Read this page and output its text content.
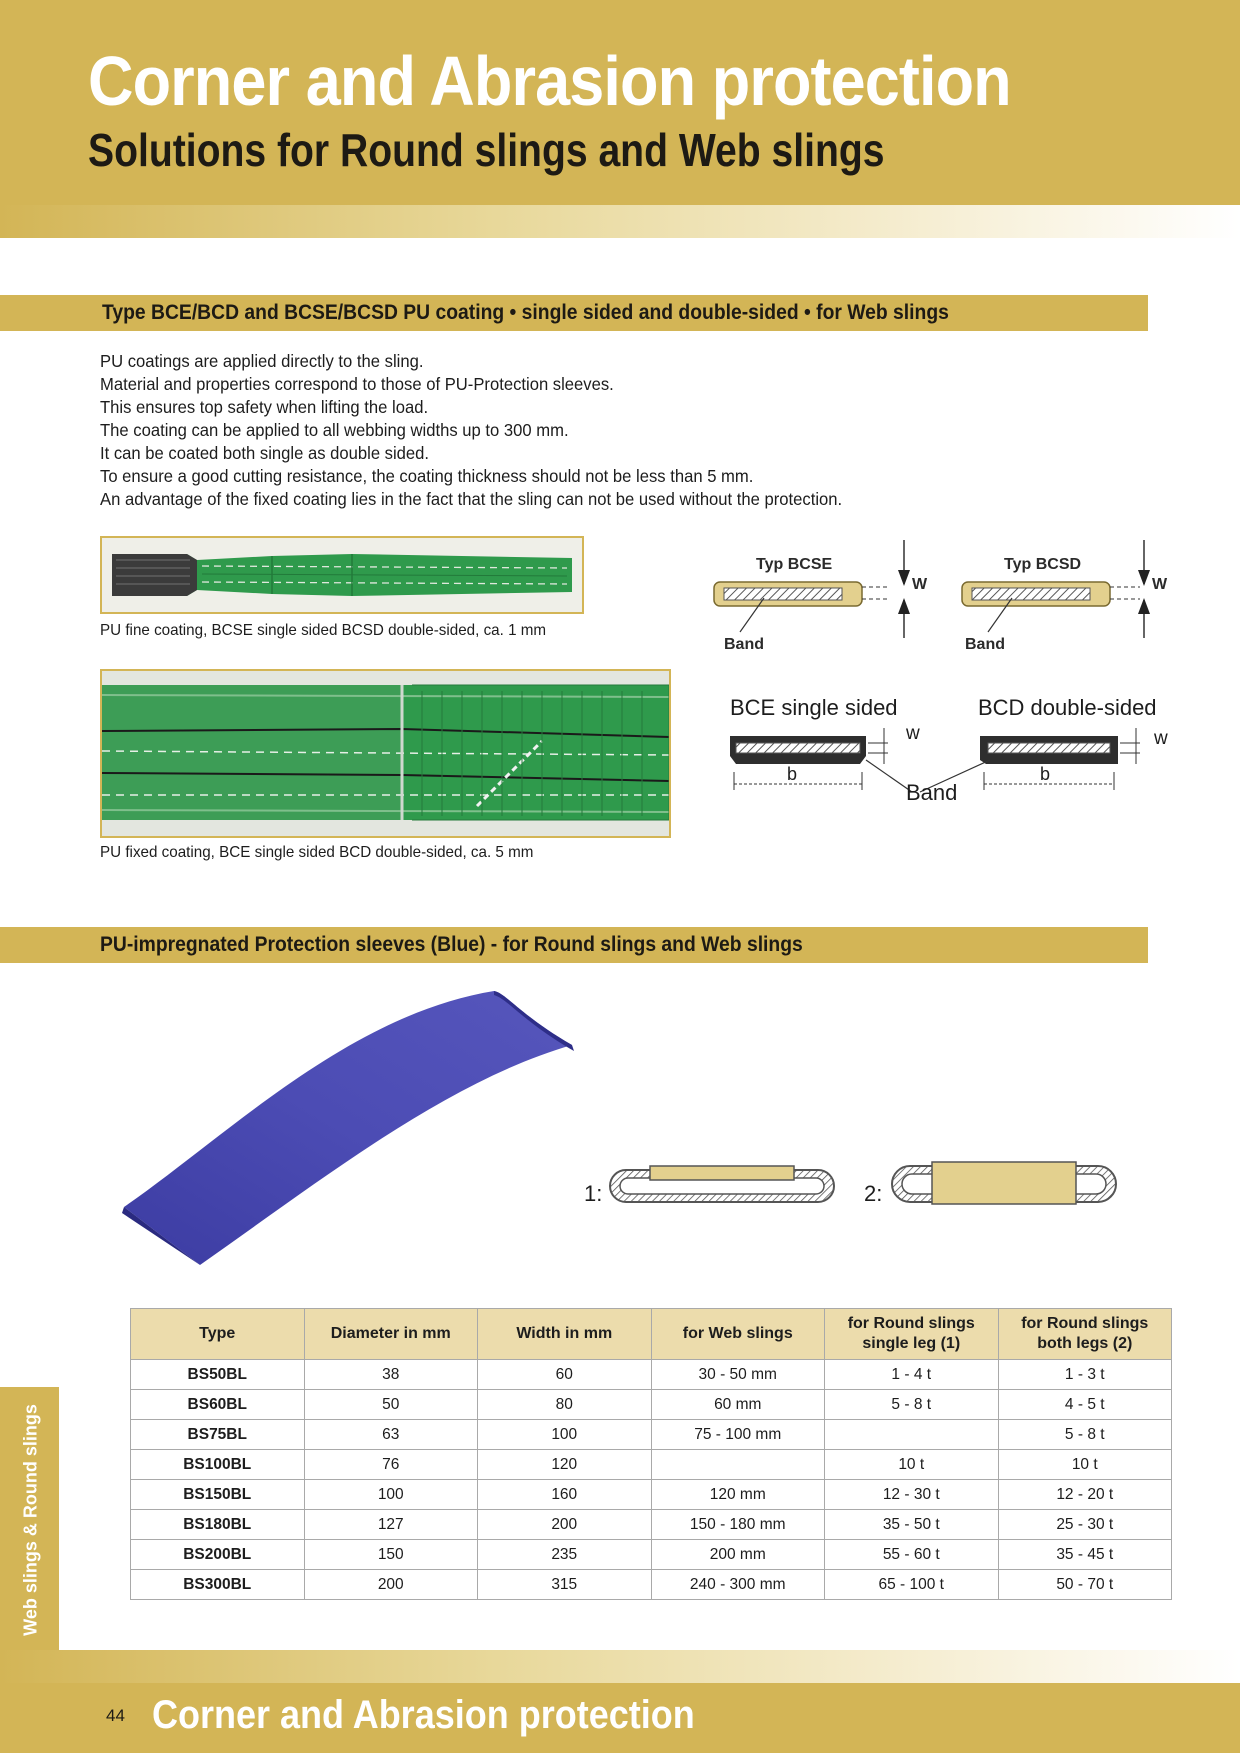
Corner and Abrasion protection
Solutions for Round slings and Web slings
Type BCE/BCD and BCSE/BCSD PU coating • single sided and double-sided • for Web slings

PU coatings are applied directly to the sling.

Material and properties correspond to those of PU-Protection sleeves.

This ensures top safety when lifting the load.

The coating can be applied to all webbing widths up to 300 mm.

It can be coated both single as double sided.

To ensure a good cutting resistance, the coating thickness should not be less than 5 mm.

An advantage of the fixed coating lies in the fact that the sling can not be used without the protection.

PU fine coating, BCSE single sided BCSD double-sided, ca. 1 mm

PU fixed coating, BCE single sided BCD double-sided, ca. 5 mm

Typ BCSE	Typ BCSD
W	W
Band	Band
BCE single sided	BCD double-sided
w	w
b	b
Band
PU-impregnated Protection sleeves (Blue) - for Round slings and Web slings
1:	2:
Type	Diameter in mm	Width in mm	for Web slings	for Round slings single leg (1)	for Round slings both legs (2)
BS50BL	38	60	30 - 50 mm	1 - 4 t	1 - 3 t
BS60BL	50	80	60 mm	5 - 8 t	4 - 5 t
BS75BL	63	100	75 - 100 mm		5 - 8 t
BS100BL	76	120		10 t	10 t
BS150BL	100	160	120 mm	12 - 30 t	12 - 20 t
BS180BL	127	200	150 - 180 mm	35 - 50 t	25 - 30 t
BS200BL	150	235	200 mm	55 - 60 t	35 - 45 t
BS300BL	200	315	240 - 300 mm	65 - 100 t	50 - 70 t
Web slings & Round slings
44 Corner and Abrasion protection
